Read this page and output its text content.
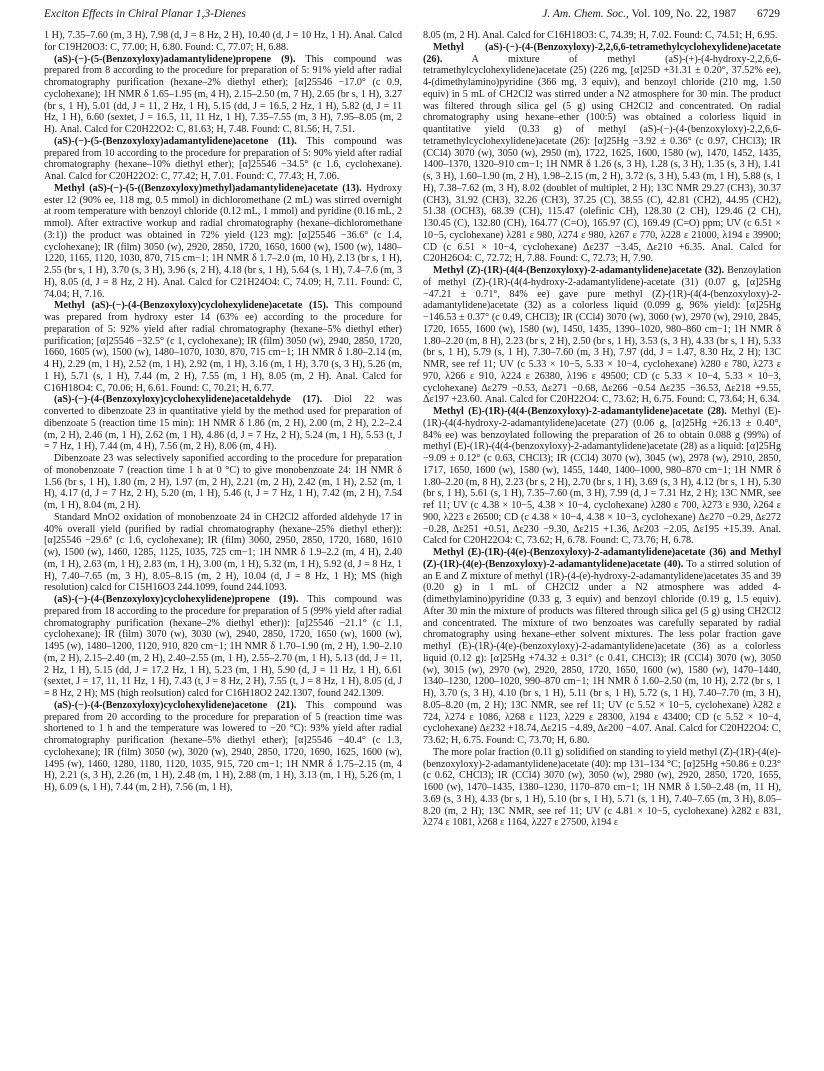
Exciton Effects in Chiral Planar 1,3-Dienes	J. Am. Chem. Soc., Vol. 109, No. 22, 1987 6729

1 H), 7.35–7.60 (m, 3 H), 7.98 (d, J = 8 Hz, 2 H), 10.40 (d, J = 10 Hz, 1 H). Anal. Calcd for C19H20O3: C, 77.00; H, 6.80. Found: C, 77.07; H, 6.88.

(aS)-(−)-(5-(Benzoxyloxy)adamantylidene)propene (9). This compound was prepared from 8 according to the procedure for preparation of 5: 91% yield after radial chromatography purification (hexane–2% diethyl ether); [α]25546 −17.0° (c 0.9, cyclohexane); 1H NMR δ 1.65–1.95 (m, 4 H), 2.15–2.50 (m, 7 H), 2.65 (br s, 1 H), 3.27 (br s, 1 H), 5.01 (dd, J = 11, 2 Hz, 1 H), 5.15 (dd, J = 16.5, 2 Hz, 1 H), 5.82 (d, J = 11 Hz, 1 H), 6.60 (sextet, J = 16.5, 11, 11 Hz, 1 H), 7.35–7.55 (m, 3 H), 7.95–8.05 (m, 2 H). Anal. Calcd for C20H22O2: C, 81.63; H, 7.48. Found: C, 81.56; H, 7.51.

(aS)-(−)-(5-(Benzoxyloxy)adamantylidene)acetone (11). This compound was prepared from 10 according to the procedure for preparation of 5: 90% yield after radial chromatography (hexane–10% diethyl ether); [α]25546 −34.5° (c 1.6, cyclohexane). Anal. Calcd for C20H22O2: C, 77.42; H, 7.01. Found: C, 77.43; H, 7.06.

Methyl (aS)-(−)-(5-((Benzoxyloxy)methyl)adamantylidene)acetate (13). Hydroxy ester 12 (90% ee, 118 mg, 0.5 mmol) in dichloromethane (2 mL) was stirred overnight at room temperature with benzoyl chloride (0.12 mL, 1 mmol) and pyridine (0.16 mL, 2 mmol). After extractive workup and radial chromatography (hexane–dichloromethane (3:1)) the product was obtained in 72% yield (123 mg): [α]25546 −36.6° (c 1.4, cyclohexane); IR (film) 3050 (w), 2920, 2850, 1720, 1650, 1600 (w), 1500 (w), 1480–1220, 1165, 1120, 1030, 870, 715 cm−1; 1H NMR δ 1.7–2.0 (m, 10 H), 2.13 (br s, 1 H), 2.55 (br s, 1 H), 3.70 (s, 3 H), 3.96 (s, 2 H), 4.18 (br s, 1 H), 5.64 (s, 1 H), 7.4–7.6 (m, 3 H), 8.05 (d, J = 8 Hz, 2 H). Anal. Calcd for C21H24O4: C, 74.09; H, 7.11. Found: C, 74.04; H, 7.16.

Methyl (aS)-(−)-(4-(Benzoxyloxy)cyclohexylidene)acetate (15). This compound was prepared from hydroxy ester 14 (63% ee) according to the procedure for preparation of 5: 92% yield after radial chromatography (hexane–5% diethyl ether) purification; [α]25546 −32.5° (c 1, cyclohexane); IR (film) 3050 (w), 2940, 2850, 1720, 1660, 1605 (w), 1500 (w), 1480–1070, 1030, 870, 715 cm−1; 1H NMR δ 1.80–2.14 (m, 4 H), 2.29 (m, 1 H), 2.52 (m, 1 H), 2.92 (m, 1 H), 3.16 (m, 1 H), 3.70 (s, 3 H), 5.26 (m, 1 H), 5.71 (s, 1 H), 7.44 (m, 2 H), 7.55 (m, 1 H), 8.05 (m, 2 H). Anal. Calcd for C16H18O4: C, 70.06; H, 6.61. Found: C, 70.21; H, 6.77.

(aS)-(−)-(4-(Benzoxyloxy)cyclohexylidene)acetaldehyde (17). Diol 22 was converted to dibenzoate 23 in quantitative yield by the method used for preparation of dibenzoate 5 (reaction time 15 min): 1H NMR δ 1.86 (m, 2 H), 2.00 (m, 2 H), 2.2–2.4 (m, 2 H), 2.46 (m, 1 H), 2.62 (m, 1 H), 4.86 (d, J = 7 Hz, 2 H), 5.24 (m, 1 H), 5.53 (t, J = 7 Hz, 1 H), 7.44 (m, 4 H), 7.56 (m, 2 H), 8.06 (m, 4 H).

Dibenzoate 23 was selectively saponified according to the procedure for preparation of monobenzoate 7 (reaction time 1 h at 0 °C) to give monobenzoate 24: 1H NMR δ 1.56 (br s, 1 H), 1.80 (m, 2 H), 1.97 (m, 2 H), 2.21 (m, 2 H), 2.42 (m, 1 H), 2.52 (m, 1 H), 4.17 (d, J = 7 Hz, 2 H), 5.20 (m, 1 H), 5.46 (t, J = 7 Hz, 1 H), 7.42 (m, 2 H), 7.54 (m, 1 H), 8.04 (m, 2 H).

Standard MnO2 oxidation of monobenzoate 24 in CH2Cl2 afforded aldehyde 17 in 40% overall yield (purified by radial chromatography (hexane–25% diethyl ether)): [α]25546 −29.6° (c 1.6, cyclohexane); IR (film) 3060, 2950, 2850, 1720, 1680, 1610 (w), 1500 (w), 1460, 1285, 1125, 1035, 725 cm−1; 1H NMR δ 1.9–2.2 (m, 4 H), 2.40 (m, 1 H), 2.63 (m, 1 H), 2.83 (m, 1 H), 3.00 (m, 1 H), 5.32 (m, 1 H), 5.92 (d, J = 8 Hz, 1 H), 7.40–7.65 (m, 3 H), 8.05–8.15 (m, 2 H), 10.04 (d, J = 8 Hz, 1 H); MS (high resolution) calcd for C15H16O3 244.1099, found 244.1093.

(aS)-(−)-(4-(Benzoxyloxy)cyclohexylidene)propene (19). This compound was prepared from 18 according to the procedure for preparation of 5 (99% yield after radial chromatography purification (hexane–2% diethyl ether)): [α]25546 −21.1° (c 1.1, cyclohexane); IR (film) 3070 (w), 3030 (w), 2940, 2850, 1720, 1650 (w), 1600 (w), 1495 (w), 1480–1200, 1120, 910, 820 cm−1; 1H NMR δ 1.70–1.90 (m, 2 H), 1.90–2.10 (m, 2 H), 2.15–2.40 (m, 2 H), 2.40–2.55 (m, 1 H), 2.55–2.70 (m, 1 H), 5.13 (dd, J = 11, 2 Hz, 1 H), 5.15 (dd, J = 17.2 Hz, 1 H), 5.23 (m, 1 H), 5.90 (d, J = 11 Hz, 1 H), 6.61 (sextet, J = 17, 11, 11 Hz, 1 H), 7.43 (t, J = 8 Hz, 2 H), 7.55 (t, J = 8 Hz, 1 H), 8.05 (d, J = 8 Hz, 2 H); MS (high reolsution) calcd for C16H18O2 242.1307, found 242.1309.

(aS)-(−)-(4-(Benzoxyloxy)cyclohexylidene)acetone (21). This compound was prepared from 20 according to the procedure for preparation of 5 (reaction time was shortened to 1 h and the temperature was lowered to −20 °C): 93% yield after radial chromatography purification (hexane–5% diethyl ether); [α]25546 −40.4° (c 1.3, cyclohexane); IR (film) 3050 (w), 3020 (w), 2940, 2850, 1720, 1690, 1625, 1600 (w), 1495 (w), 1460, 1280, 1180, 1120, 1035, 915, 720 cm−1; 1H NMR δ 1.75–2.15 (m, 4 H), 2.21 (s, 3 H), 2.26 (m, 1 H), 2.48 (m, 1 H), 2.88 (m, 1 H), 3.13 (m, 1 H), 5.26 (m, 1 H), 6.09 (s, 1 H), 7.44 (m, 2 H), 7.56 (m, 1 H),

8.05 (m, 2 H). Anal. Calcd for C16H18O3: C, 74.39; H, 7.02. Found: C, 74.51; H, 6.95.

Methyl (aS)-(−)-(4-(Benzoxyloxy)-2,2,6,6-tetramethylcyclohexylidene)acetate (26). A mixture of methyl (aS)-(+)-(4-hydroxy-2,2,6,6-tetramethylcyclohexylidene)acetate (25) (226 mg, [α]25D +31.31 ± 0.20°, 37.52% ee), 4-(dimethylamino)pyridine (366 mg, 3 equiv), and benzoyl chloride (210 mg, 1.50 equiv) in 5 mL of CH2Cl2 was stirred under a N2 atmosphere for 30 min. The product was filtered through silica gel (5 g) using CH2Cl2 and concentrated. On radial chromatography using hexane–ether (100:5) was obtained a colorless liquid in quantitative yield (0.33 g) of methyl (aS)-(−)-(4-(benzoxyloxy)-2,2,6,6-tetramethylcyclohexylidene)acetate (26): [α]25Hg −3.92 ± 0.36° (c 0.97, CHCl3); IR (CCl4) 3070 (w), 3050 (w), 2950 (m), 1722, 1625, 1600, 1580 (w), 1470, 1452, 1435, 1400–1370, 1320–910 cm−1; 1H NMR δ 1.26 (s, 3 H), 1.28 (s, 3 H), 1.35 (s, 3 H), 1.41 (s, 3 H), 1.60–1.90 (m, 2 H), 1.98–2.15 (m, 2 H), 3.72 (s, 3 H), 5.43 (m, 1 H), 5.88 (s, 1 H), 7.38–7.62 (m, 3 H), 8.02 (doublet of multiplet, 2 H); 13C NMR 29.27 (CH3), 30.37 (CH3), 31.92 (CH3), 32.26 (CH3), 37.25 (C), 38.55 (C), 42.81 (CH2), 44.95 (CH2), 51.38 (OCH3), 68.39 (CH), 115.47 (olefinic CH), 128.30 (2 CH), 129.46 (2 CH), 130.45 (C), 132.80 (CH), 164.77 (C=O), 165.97 (C), 169.49 (C=O) ppm; UV (c 6.51 × 10−5, cyclohexane) λ281 ε 980, λ274 ε 980, λ267 ε 770, λ228 ε 21000, λ194 ε 39900; CD (c 6.51 × 10−4, cyclohexane) Δε237 −3.45, Δε210 +6.35. Anal. Calcd for C20H26O4: C, 72.72; H, 7.88. Found: C, 72.73; H, 7.90.

Methyl (Z)-(1R)-(4(4-(Benzoxyloxy)-2-adamantylidene)acetate (32). Benzoylation of methyl (Z)-(1R)-(4(4-hydroxy-2-adamantylidene)-acetate (31) (0.07 g, [α]25Hg −47.21 ± 0.71°, 84% ee) gave pure methyl (Z)-(1R)-(4(4-(benzoxyloxy)-2-adamantylidene)acetate (32) as a colorless liquid (0.099 g, 96% yield): [α]25Hg −146.53 ± 0.37° (c 0.49, CHCl3); IR (CCl4) 3070 (w), 3060 (w), 2970 (w), 2910, 2845, 1720, 1655, 1600 (w), 1580 (w), 1450, 1435, 1390–1020, 980–860 cm−1; 1H NMR δ 1.80–2.20 (m, 8 H), 2.23 (br s, 2 H), 2.50 (br s, 1 H), 3.53 (s, 3 H), 4.33 (br s, 1 H), 5.33 (br s, 1 H), 5.79 (s, 1 H), 7.30–7.60 (m, 3 H), 7.97 (dd, J = 1.47, 8.30 Hz, 2 H); 13C NMR, see ref 11; UV (c 5.33 × 10−5, 5.33 × 10−4, cyclohexane) λ280 ε 780, λ273 ε 970, λ266 ε 910, λ224 ε 26380, λ196 ε 49500; CD (c 5.33 × 10−4, 5.33 × 10−3, cyclohexane) Δε279 −0.53, Δε271 −0.68, Δε266 −0.54 Δε235 −36.53, Δε218 +9.55, Δε197 +23.60. Anal. Calcd for C20H22O4: C, 73.62; H, 6.75. Found: C, 73.64; H, 6.34.

Methyl (E)-(1R)-(4(4-(Benzoxyloxy)-2-adamantylidene)acetate (28). Methyl (E)-(1R)-(4(4-hydroxy-2-adamantylidene)acetate (27) (0.06 g, [α]25Hg +26.13 ± 0.40°, 84% ee) was benzoylated following the preparation of 26 to obtain 0.088 g (99%) of methyl (E)-(1R)-(4(4-(benzoxyloxy)-2-adamantylidene)acetate (28) as a liquid: [α]25Hg −9.09 ± 0.12° (c 0.63, CHCl3); IR (CCl4) 3070 (w), 3045 (w), 2978 (w), 2910, 2850, 1717, 1650, 1600 (w), 1580 (w), 1455, 1440, 1400–1000, 980–870 cm−1; 1H NMR δ 1.80–2.20 (m, 8 H), 2.23 (br s, 2 H), 2.70 (br s, 1 H), 3.69 (s, 3 H), 4.12 (br s, 1 H), 5.30 (br s, 1 H), 5.61 (s, 1 H), 7.35–7.60 (m, 3 H), 7.99 (d, J = 7.31 Hz, 2 H); 13C NMR, see ref 11; UV (c 4.38 × 10−5, 4.38 × 10−4, cyclohexane) λ280 ε 700, λ273 ε 930, λ264 ε 900, λ223 ε 26500; CD (c 4.38 × 10−4, 4.38 × 10−3, cyclohexane) Δε270 −0.29, Δε272 −0.28, Δε251 +0.51, Δε230 −9.30, Δε215 +1.36, Δε203 −2.05, Δε195 +15.39. Anal. Calcd for C20H22O4: C, 73.62; H, 6.78. Found: C, 73.76; H, 6.78.

Methyl (E)-(1R)-(4(e)-(Benzoxyloxy)-2-adamantylidene)acetate (36) and Methyl (Z)-(1R)-(4(e)-(Benzoxyloxy)-2-adamantylidene)acetate (40). To a stirred solution of an E and Z mixture of methyl (1R)-(4-(e)-hydroxy-2-adamantylidene)acetates 35 and 39 (0.20 g) in 1 mL of CH2Cl2 under a N2 atmosphere was added 4-(dimethylamino)pyridine (0.33 g, 3 equiv) and benzoyl chloride (0.19 g, 1.5 equiv). After 30 min the mixture of products was filtered through silica gel (5 g) using CH2Cl2 and concentrated. The mixture of two benzoates was carefully separated by radial chromatography using hexane–ether solvent mixtures. The less polar fraction gave methyl (E)-(1R)-(4(e)-(benzoxyloxy)-2-adamantylidene)acetate (36) as a colorless liquid (0.12 g): [α]25Hg +74.32 ± 0.31° (c 0.41, CHCl3); IR (CCl4) 3070 (w), 3050 (w), 3015 (w), 2970 (w), 2920, 2850, 1720, 1650, 1600 (w), 1580 (w), 1470–1440, 1340–1230, 1200–1020, 990–870 cm−1; 1H NMR δ 1.60–2.50 (m, 10 H), 2.72 (br s, 1 H), 3.70 (s, 3 H), 4.10 (br s, 1 H), 5.11 (br s, 1 H), 5.72 (s, 1 H), 7.40–7.70 (m, 3 H), 8.05–8.20 (m, 2 H); 13C NMR, see ref 11; UV (c 5.52 × 10−5, cyclohexane) λ282 ε 724, λ274 ε 1086, λ268 ε 1123, λ229 ε 28300, λ194 ε 43400; CD (c 5.52 × 10−4, cyclohexane) Δε232 +18.74, Δε215 −4.89, Δε200 −4.07. Anal. Calcd for C20H22O4: C, 73.62; H, 6.75. Found: C, 73.70; H, 6.80.

The more polar fraction (0.11 g) solidified on standing to yield methyl (Z)-(1R)-(4(e)-(benzoxyloxy)-2-adamantylidene)acetate (40): mp 131–134 °C; [α]25Hg +50.86 ± 0.23° (c 0.62, CHCl3); IR (CCl4) 3070 (w), 3050 (w), 2980 (w), 2920, 2850, 1720, 1655, 1600 (w), 1470–1435, 1380–1230, 1170–870 cm−1; 1H NMR δ 1.50–2.48 (m, 11 H), 3.69 (s, 3 H), 4.33 (br s, 1 H), 5.10 (br s, 1 H), 5.71 (s, 1 H), 7.40–7.65 (m, 3 H), 8.05–8.20 (m, 2 H); 13C NMR, see ref 11; UV (c 4.81 × 10−5, cyclohexane) λ282 ε 831, λ274 ε 1081, λ268 ε 1164, λ227 ε 27500, λ194 ε
